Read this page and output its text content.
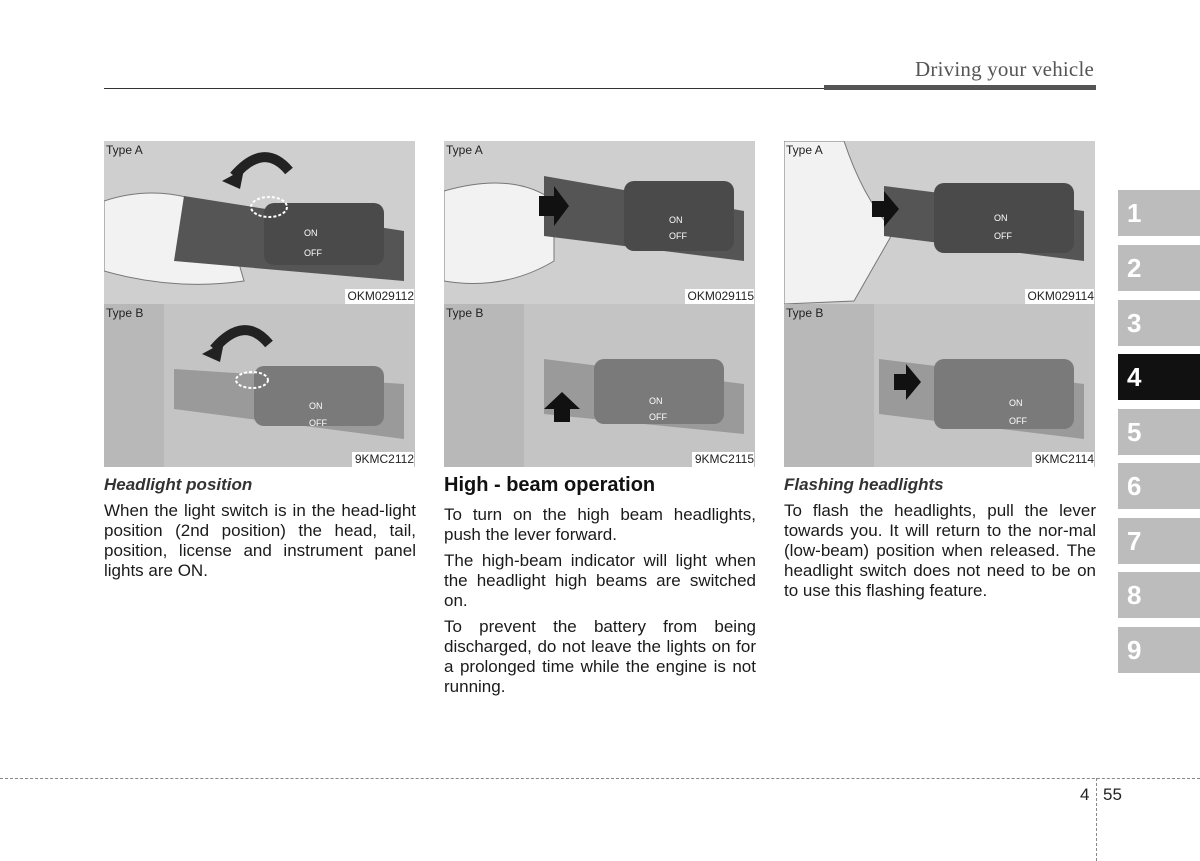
Driving your vehicle
ON
OFF
Type A
OKM029112
ON
OFF
Type B
9KMC2112
ON
OFF
Type A
OKM029115
ON
OFF
Type B
9KMC2115
ON
OFF
Type A
OKM029114
ON
OFF
Type B
9KMC2114
Headlight position
When the light switch is in the head-light position (2nd position) the head, tail, position, license and instrument panel lights are ON.
High - beam operation
To turn on the high beam headlights, push the lever forward.
The high-beam indicator will light when the headlight high beams are switched on.
To prevent the battery from being discharged, do not leave the lights on for a prolonged time while the engine is not running.
Flashing headlights
To flash the headlights, pull the lever towards you. It will return to the nor-mal (low-beam) position when released. The headlight switch does not need to be on to use this flashing feature.
1
2
3
4
5
6
7
8
9
4 55
